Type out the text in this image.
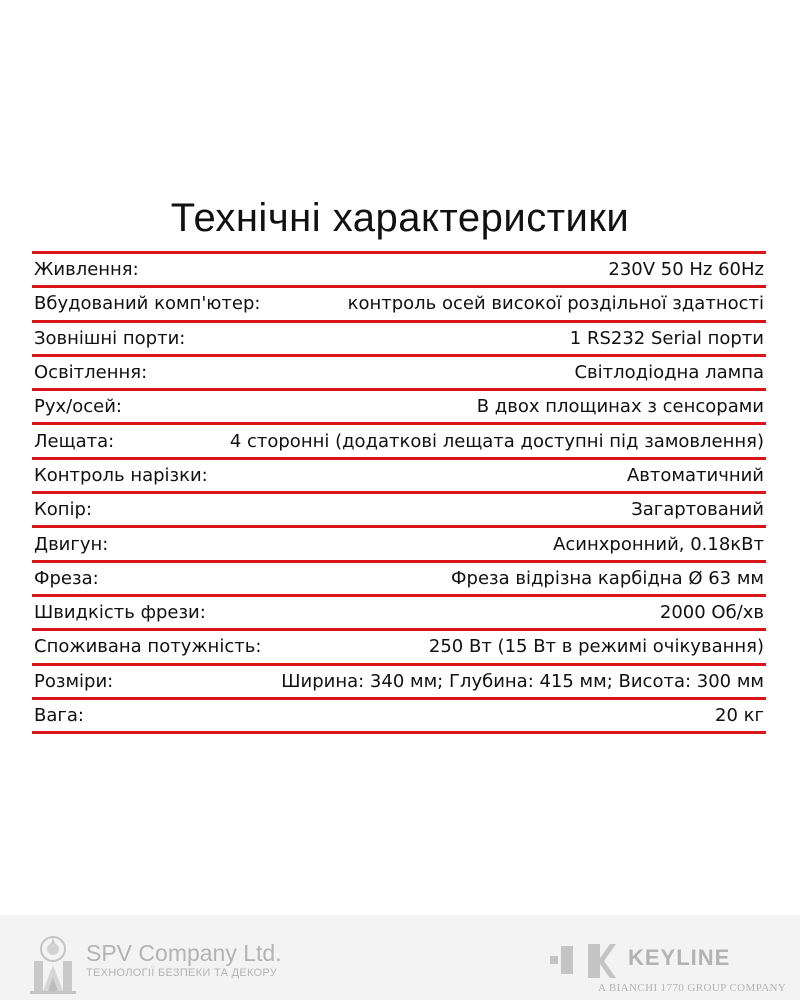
Технічні характеристики
Живлення:	230V 50 Hz 60Hz
Вбудований комп'ютер:	контроль осей високої роздільної здатності
Зовнішні порти:	1 RS232 Serial порти
Освітлення:	Світлодіодна лампа
Рух/осей:	В двох площинах з сенсорами
Лещата:	4 сторонні (додаткові лещата доступні під замовлення)
Контроль нарізки:	Автоматичний
Копір:	Загартований
Двигун:	Асинхронний, 0.18кВт
Фреза:	Фреза відрізна карбідна Ø 63 мм
Швидкість фрези:	2000 Об/хв
Споживана потужність:	250 Вт (15 Вт в режимі очікування)
Розміри:	Ширина: 340 мм; Глубина: 415 мм; Висота: 300 мм
Вага:	20 кг
SPV Company Ltd.
ТЕХНОЛОГІЇ БЕЗПЕКИ ТА ДЕКОРУ
KEYLINE
A BIANCHI 1770 GROUP COMPANY
